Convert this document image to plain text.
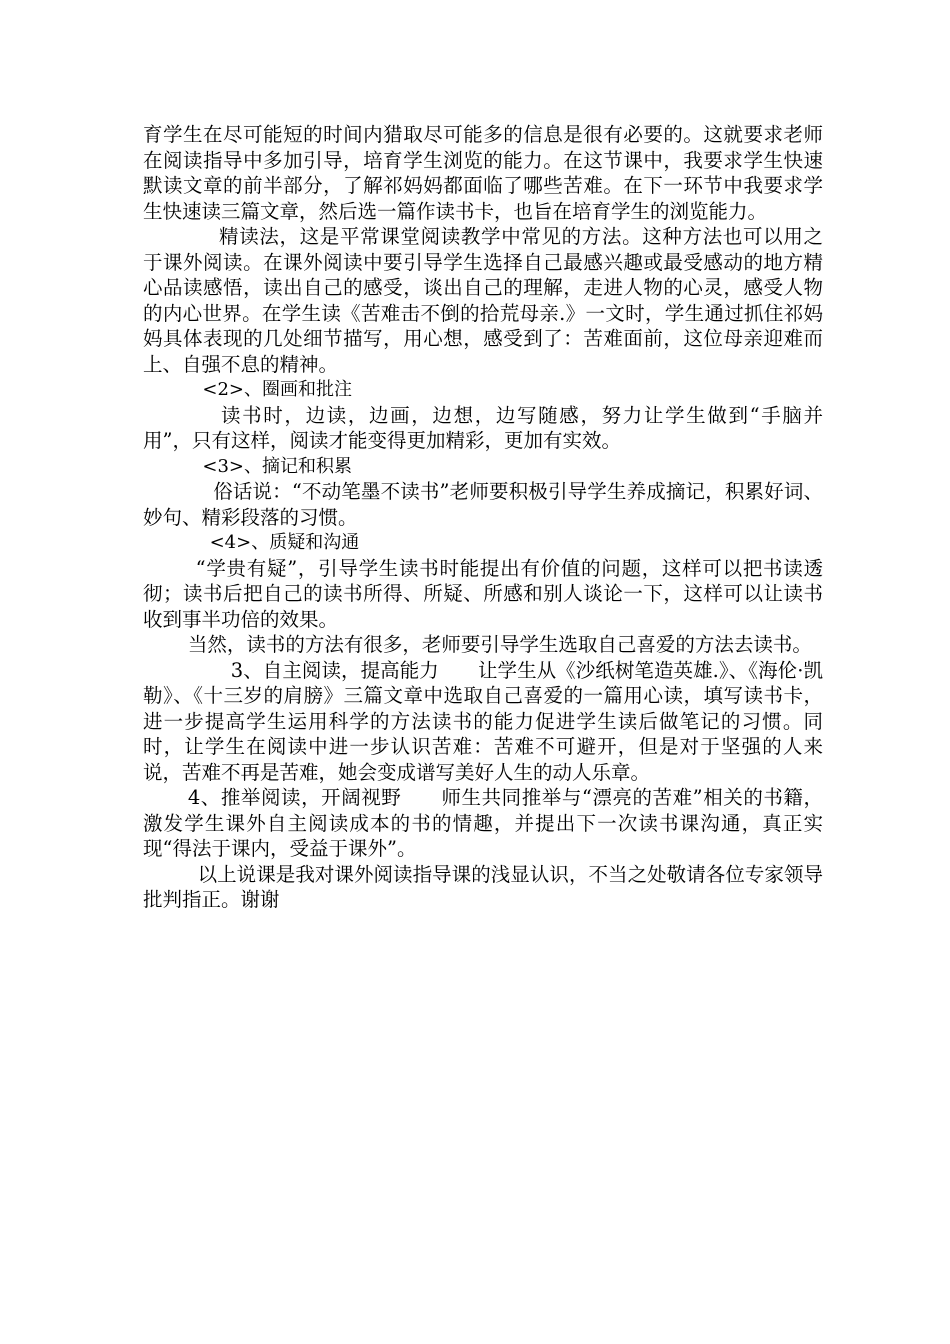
育学生在尽可能短的时间内猎取尽可能多的信息是很有必要的。这就要求老师在阅读指导中多加引导，培育学生浏览的能力。在这节课中，我要求学生快速默读文章的前半部分，了解祁妈妈都面临了哪些苦难。在下一环节中我要求学生快速读三篇文章，然后选一篇作读书卡，也旨在培育学生的浏览能力。

精读法，这是平常课堂阅读教学中常见的方法。这种方法也可以用之于课外阅读。在课外阅读中要引导学生选择自己最感兴趣或最受感动的地方精心品读感悟，读出自己的感受，谈出自己的理解，走进人物的心灵，感受人物的内心世界。在学生读《苦难击不倒的拾荒母亲.》一文时，学生通过抓住祁妈妈具体表现的几处细节描写，用心想，感受到了：苦难面前，这位母亲迎难而上、自强不息的精神。

<2>、圈画和批注

读书时，边读，边画，边想，边写随感，努力让学生做到“手脑并用”，只有这样，阅读才能变得更加精彩，更加有实效。

<3>、摘记和积累

俗话说：“不动笔墨不读书”老师要积极引导学生养成摘记，积累好词、妙句、精彩段落的习惯。

<4>、质疑和沟通

“学贵有疑”，引导学生读书时能提出有价值的问题，这样可以把书读透彻；读书后把自己的读书所得、所疑、所感和别人谈论一下，这样可以让读书收到事半功倍的效果。

当然，读书的方法有很多，老师要引导学生选取自己喜爱的方法去读书。

3、自主阅读，提高能力　　让学生从《沙纸树笔造英雄.》、《海伦·凯勒》、《十三岁的肩膀》三篇文章中选取自己喜爱的一篇用心读，填写读书卡，进一步提高学生运用科学的方法读书的能力促进学生读后做笔记的习惯。同时，让学生在阅读中进一步认识苦难：苦难不可避开，但是对于坚强的人来说，苦难不再是苦难，她会变成谱写美好人生的动人乐章。

4、推举阅读，开阔视野　　师生共同推举与“漂亮的苦难”相关的书籍，激发学生课外自主阅读成本的书的情趣，并提出下一次读书课沟通，真正实现“得法于课内，受益于课外”。

以上说课是我对课外阅读指导课的浅显认识，不当之处敬请各位专家领导批判指正。谢谢
